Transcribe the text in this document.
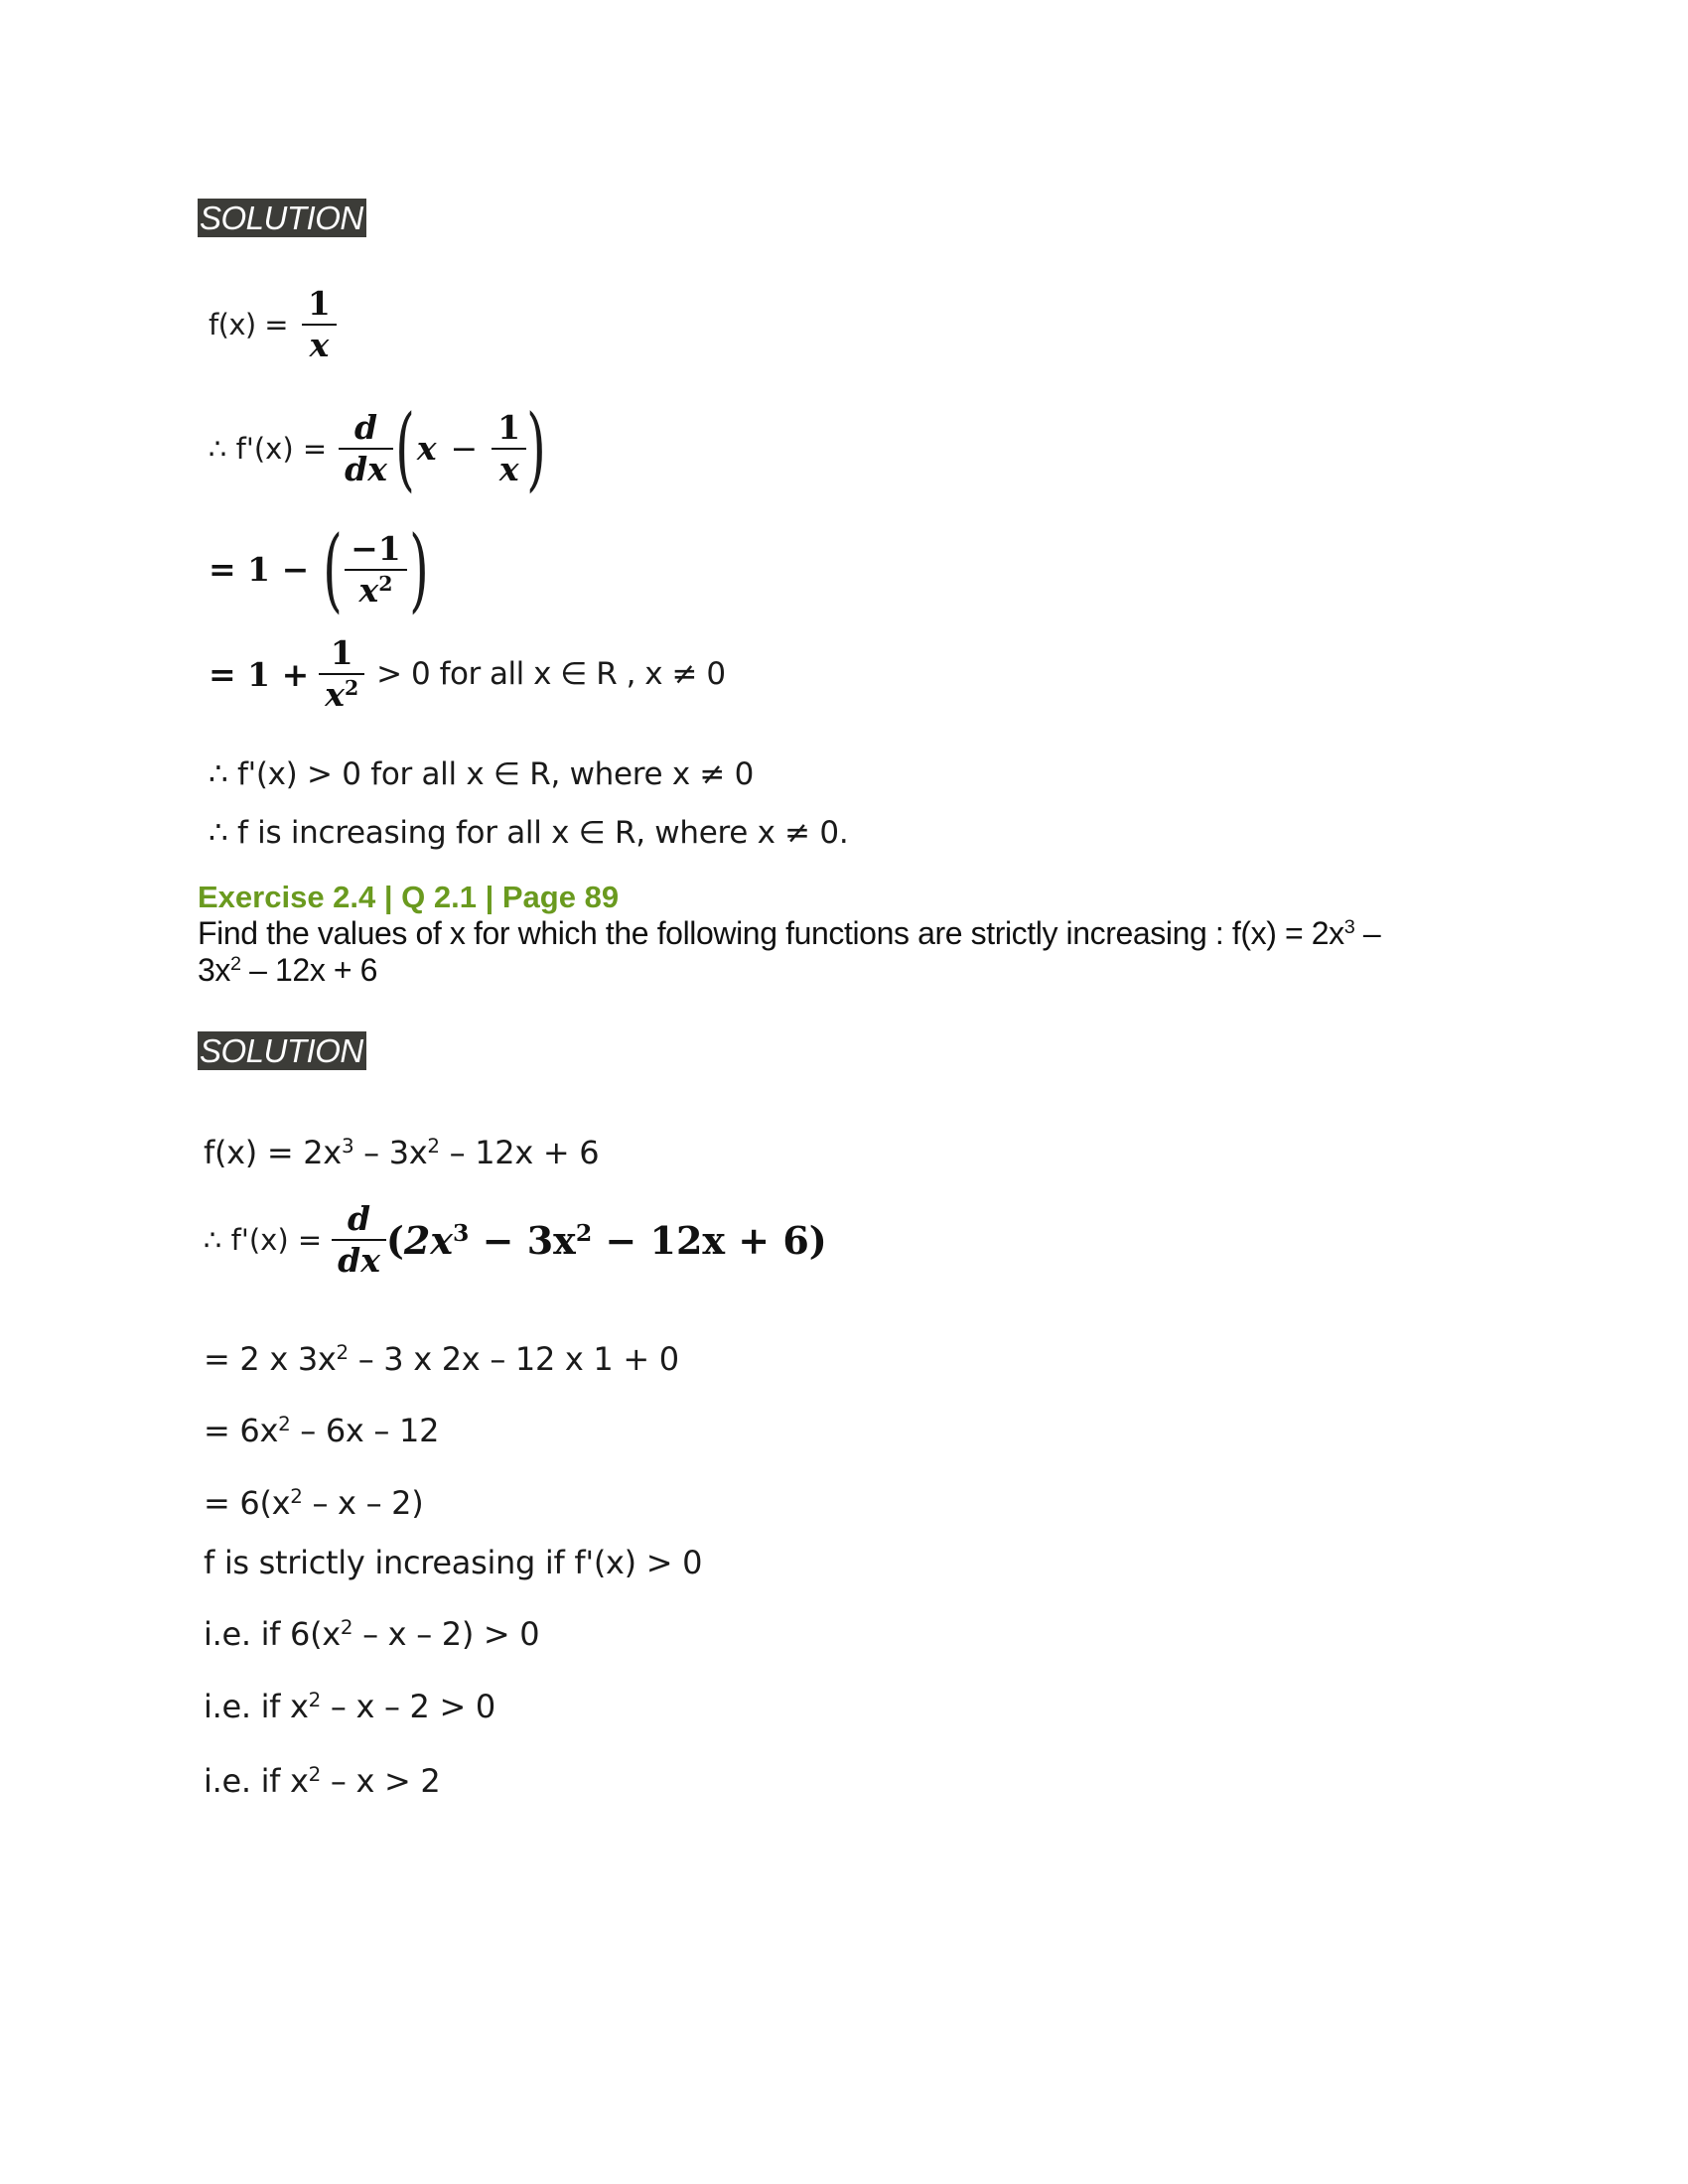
SOLUTION
$f(x) = \frac{1}{x}$
∴ $f'(x) = \frac{d}{dx}$ ( $x - \frac{1}{x}$ )
= 1 − ( $\frac{-1}{x^2}$ )
= $1 + \frac{1}{x^2} > 0$ for all x ∈ R , x ≠ 0
∴ f'(x) > 0 for all x ∈ R, where x ≠ 0
∴ f is increasing for all x ∈ R, where x ≠ 0.
Exercise 2.4 | Q 2.1 | Page 89
Find the values of x for which the following functions are strictly increasing : $f(x) = 2x^3$ –
$3x^2 - 12x + 6$
SOLUTION
$f(x) = 2x^3 - 3x^2 - 12x + 6$
∴ $f'(x) = \frac{d}{dx} (2x^3 - 3x^2 - 12x + 6)$
= 2 x $3x^2 - 3$ x 2x – 12 x 1 + 0
= $6x^2 - 6x - 12$
= $6(x^2$ – x – 2)
f is strictly increasing if f'(x) > 0
i.e. if $6(x^2 - x - 2) > 0$
i.e. if $x^2 - x - 2 > 0$
i.e. if $x^2 - x > 2$
